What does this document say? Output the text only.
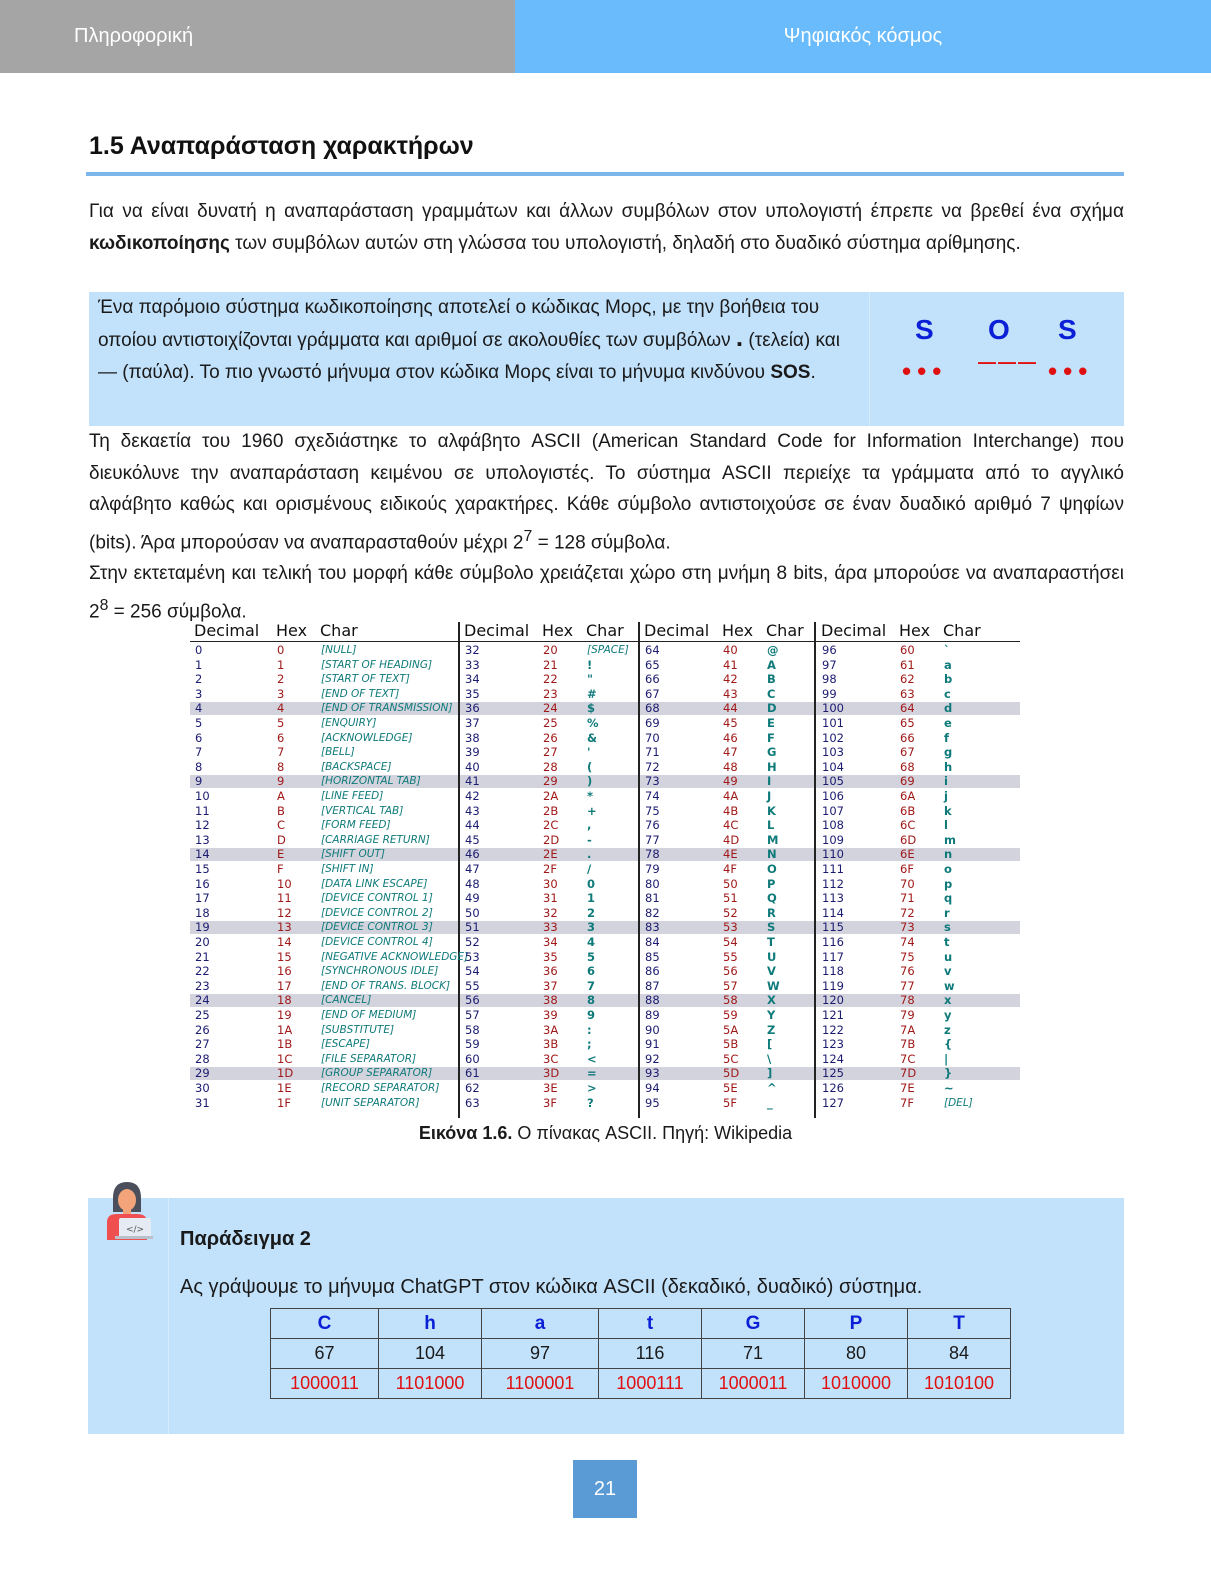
Πληροφορική	Ψηφιακός κόσμος
1.5 Αναπαράσταση χαρακτήρων
Για να είναι δυνατή η αναπαράσταση γραμμάτων και άλλων συμβόλων στον υπολογιστή έπρεπε να βρεθεί ένα σχήμα κωδικοποίησης των συμβόλων αυτών στη γλώσσα του υπολογιστή, δηλαδή στο δυαδικό σύστημα αρίθμησης.
Ένα παρόμοιο σύστημα κωδικοποίησης αποτελεί ο κώδικας Μορς, με την βοήθεια του οποίου αντιστοιχίζονται γράμματα και αριθμοί σε ακολουθίες των συμβόλων . (τελεία) και — (παύλα). Το πιο γνωστό μήνυμα στον κώδικα Μορς είναι το μήνυμα κινδύνου SOS.
S O S
••• ——— •••
Τη δεκαετία του 1960 σχεδιάστηκε το αλφάβητο ASCII (American Standard Code for Information Interchange) που διευκόλυνε την αναπαράσταση κειμένου σε υπολογιστές. Το σύστημα ASCII περιείχε τα γράμματα από το αγγλικό αλφάβητο καθώς και ορισμένους ειδικούς χαρακτήρες. Κάθε σύμβολο αντιστοιχούσε σε έναν δυαδικό αριθμό 7 ψηφίων (bits). Άρα μπορούσαν να αναπαρασταθούν μέχρι $2^7 = 128$ σύμβολα.
Στην εκτεταμένη και τελική του μορφή κάθε σύμβολο χρειάζεται χώρο στη μνήμη 8 bits, άρα μπορούσε να αναπαραστήσει $2^8 = 256$ σύμβολα.
Decimal	Hex Char
0	0	[NULL]
1	1	[START OF HEADING]
2	2	[START OF TEXT]
3	3	[END OF TEXT]
4	4	[END OF TRANSMISSION]
5	5	[ENQUIRY]
6	6	[ACKNOWLEDGE]
7	7	[BELL]
8	8	[BACKSPACE]
9	9	[HORIZONTAL TAB]
10	A	[LINE FEED]
11	B	[VERTICAL TAB]
12	C	[FORM FEED]
13	D	[CARRIAGE RETURN]
14	E	[SHIFT OUT]
15	F	[SHIFT IN]
16	10	[DATA LINK ESCAPE]
17	11	[DEVICE CONTROL 1]
18	12	[DEVICE CONTROL 2]
19	13	[DEVICE CONTROL 3]
20	14	[DEVICE CONTROL 4]
21	15	[NEGATIVE ACKNOWLEDGE]
22	16	[SYNCHRONOUS IDLE]
23	17	[END OF TRANS. BLOCK]
24	18	[CANCEL]
25	19	[END OF MEDIUM]
26	1A	[SUBSTITUTE]
27	1B	[ESCAPE]
28	1C	[FILE SEPARATOR]
29	1D	[GROUP SEPARATOR]
30	1E	[RECORD SEPARATOR]
31	1F	[UNIT SEPARATOR]
Decimal Hex Char
32	20	[SPACE]
33	21	!
34	22	"
35	23	#
36	24	$
37	25	%
38	26	&
39	27	'
40	28	(
41	29	)
42	2A	*
43	2B	+
44	2C	,
45	2D	-
46	2E	.
47	2F	/
48	30	0
49	31	1
50	32	2
51	33	3
52	34	4
53	35	5
54	36	6
55	37	7
56	38	8
57	39	9
58	3A	:
59	3B	;
60	3C	<
61	3D	=
62	3E	>
63	3F	?
Decimal Hex Char
64	40	@
65	41	A
66	42	B
67	43	C
68	44	D
69	45	E
70	46	F
71	47	G
72	48	H
73	49	I
74	4A	J
75	4B	K
76	4C	L
77	4D	M
78	4E	N
79	4F	O
80	50	P
81	51	Q
82	52	R
83	53	S
84	54	T
85	55	U
86	56	V
87	57	W
88	58	X
89	59	Y
90	5A	Z
91	5B	[
92	5C	\
93	5D	]
94	5E	^
95	5F	_
Decimal Hex Char
96	60	`
97	61	a
98	62	b
99	63	c
100	64	d
101	65	e
102	66	f
103	67	g
104	68	h
105	69	i
106	6A	j
107	6B	k
108	6C	l
109	6D	m
110	6E	n
111	6F	o
112	70	p
113	71	q
114	72	r
115	73	s
116	74	t
117	75	u
118	76	v
119	77	w
120	78	x
121	79	y
122	7A	z
123	7B	{
124	7C	|
125	7D	}
126	7E	~
127	7F	[DEL]
Εικόνα 1.6. Ο πίνακας ASCII. Πηγή: Wikipedia
</> Παράδειγμα 2
Ας γράψουμε το μήνυμα ChatGPT στον κώδικα ASCII (δεκαδικό, δυαδικό) σύστημα.
C	h	a	t	G	P	T
67	104	97	116	71	80	84
1000011	1101000	1100001	1000111	1000011	1010000	1010100
21
